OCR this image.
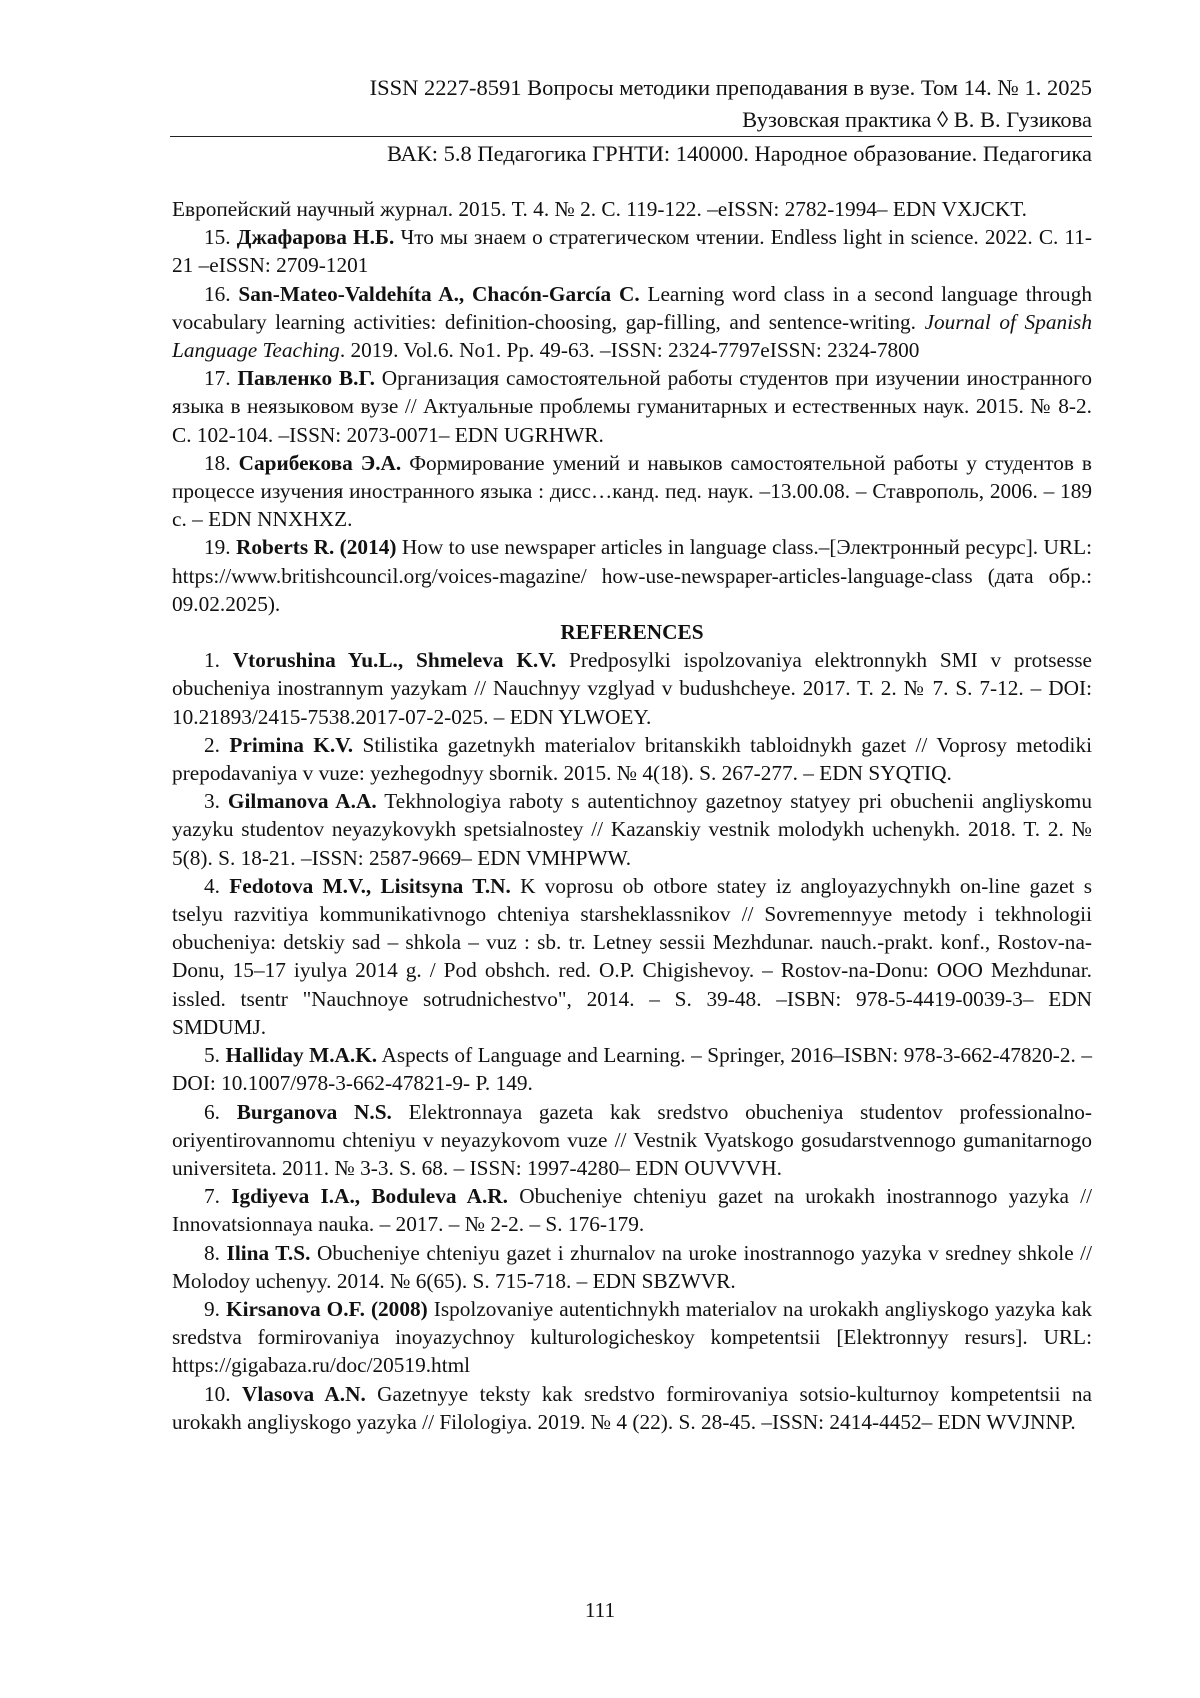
ISSN 2227-8591 Вопросы методики преподавания в вузе. Том 14. № 1. 2025
Вузовская практика ◊ В. В. Гузикова
ВАК: 5.8 Педагогика ГРНТИ: 140000. Народное образование. Педагогика

Европейский научный журнал. 2015. Т. 4. № 2. С. 119-122. –eISSN: 2782-1994– EDN VXJCKT.

15. Джафарова Н.Б. Что мы знаем о стратегическом чтении. Endless light in science. 2022. С. 11-21 –eISSN: 2709-1201

16. San-Mateo-Valdehíta A., Chacón-García C. Learning word class in a second language through vocabulary learning activities: definition-choosing, gap-filling, and sentence-writing. Journal of Spanish Language Teaching. 2019. Vol.6. No1. Pp. 49-63. –ISSN: 2324-7797eISSN: 2324-7800

17. Павленко В.Г. Организация самостоятельной работы студентов при изучении иностранного языка в неязыковом вузе // Актуальные проблемы гуманитарных и естественных наук. 2015. № 8-2. С. 102-104. –ISSN: 2073-0071– EDN UGRHWR.

18. Сарибекова Э.А. Формирование умений и навыков самостоятельной работы у студентов в процессе изучения иностранного языка : дисс…канд. пед. наук. –13.00.08. – Ставрополь, 2006. – 189 с. – EDN NNXHXZ.

19. Roberts R. (2014) How to use newspaper articles in language class.–[Электронный ресурс]. URL: https://www.britishcouncil.org/voices-magazine/ how-use-newspaper-articles-language-class (дата обр.: 09.02.2025).

REFERENCES

1. Vtorushina Yu.L., Shmeleva K.V. Predposylki ispolzovaniya elektronnykh SMI v protsesse obucheniya inostrannym yazykam // Nauchnyy vzglyad v budushcheye. 2017. T. 2. № 7. S. 7-12. – DOI: 10.21893/2415-7538.2017-07-2-025. – EDN YLWOEY.

2. Primina K.V. Stilistika gazetnykh materialov britanskikh tabloidnykh gazet // Voprosy metodiki prepodavaniya v vuze: yezhegodnyy sbornik. 2015. № 4(18). S. 267-277. – EDN SYQTIQ.

3. Gilmanova A.A. Tekhnologiya raboty s autentichnoy gazetnoy statyey pri obuchenii angliyskomu yazyku studentov neyazykovykh spetsialnostey // Kazanskiy vestnik molodykh uchenykh. 2018. T. 2. № 5(8). S. 18-21. –ISSN: 2587-9669– EDN VMHPWW.

4. Fedotova M.V., Lisitsyna T.N. K voprosu ob otbore statey iz angloyazychnykh on-line gazet s tselyu razvitiya kommunikativnogo chteniya starsheklassnikov // Sovremennyye metody i tekhnologii obucheniya: detskiy sad – shkola – vuz : sb. tr. Letney sessii Mezhdunar. nauch.-prakt. konf., Rostov-na-Donu, 15–17 iyulya 2014 g. / Pod obshch. red. O.P. Chigishevoy. – Rostov-na-Donu: OOO Mezhdunar. issled. tsentr "Nauchnoye sotrudnichestvo", 2014. – S. 39-48. –ISBN: 978-5-4419-0039-3– EDN SMDUMJ.

5. Halliday M.A.K. Aspects of Language and Learning. – Springer, 2016–ISBN: 978-3-662-47820-2. – DOI: 10.1007/978-3-662-47821-9- P. 149.

6. Burganova N.S. Elektronnaya gazeta kak sredstvo obucheniya studentov professionalno-oriyentirovannomu chteniyu v neyazykovom vuze // Vestnik Vyatskogo gosudarstvennogo gumanitarnogo universiteta. 2011. № 3-3. S. 68. – ISSN: 1997-4280– EDN OUVVVH.

7. Igdiyeva I.A., Boduleva A.R. Obucheniye chteniyu gazet na urokakh inostrannogo yazyka // Innovatsionnaya nauka. – 2017. – № 2-2. – S. 176-179.

8. Ilina T.S. Obucheniye chteniyu gazet i zhurnalov na uroke inostrannogo yazyka v sredney shkole // Molodoy uchenyy. 2014. № 6(65). S. 715-718. – EDN SBZWVR.

9. Kirsanova O.F. (2008) Ispolzovaniye autentichnykh materialov na urokakh angliyskogo yazyka kak sredstva formirovaniya inoyazychnoy kulturologicheskoy kompetentsii [Elektronnyy resurs]. URL: https://gigabaza.ru/doc/20519.html

10. Vlasova A.N. Gazetnyye teksty kak sredstvo formirovaniya sotsio-kulturnoy kompetentsii na urokakh angliyskogo yazyka // Filologiya. 2019. № 4 (22). S. 28-45. –ISSN: 2414-4452– EDN WVJNNP.

111
